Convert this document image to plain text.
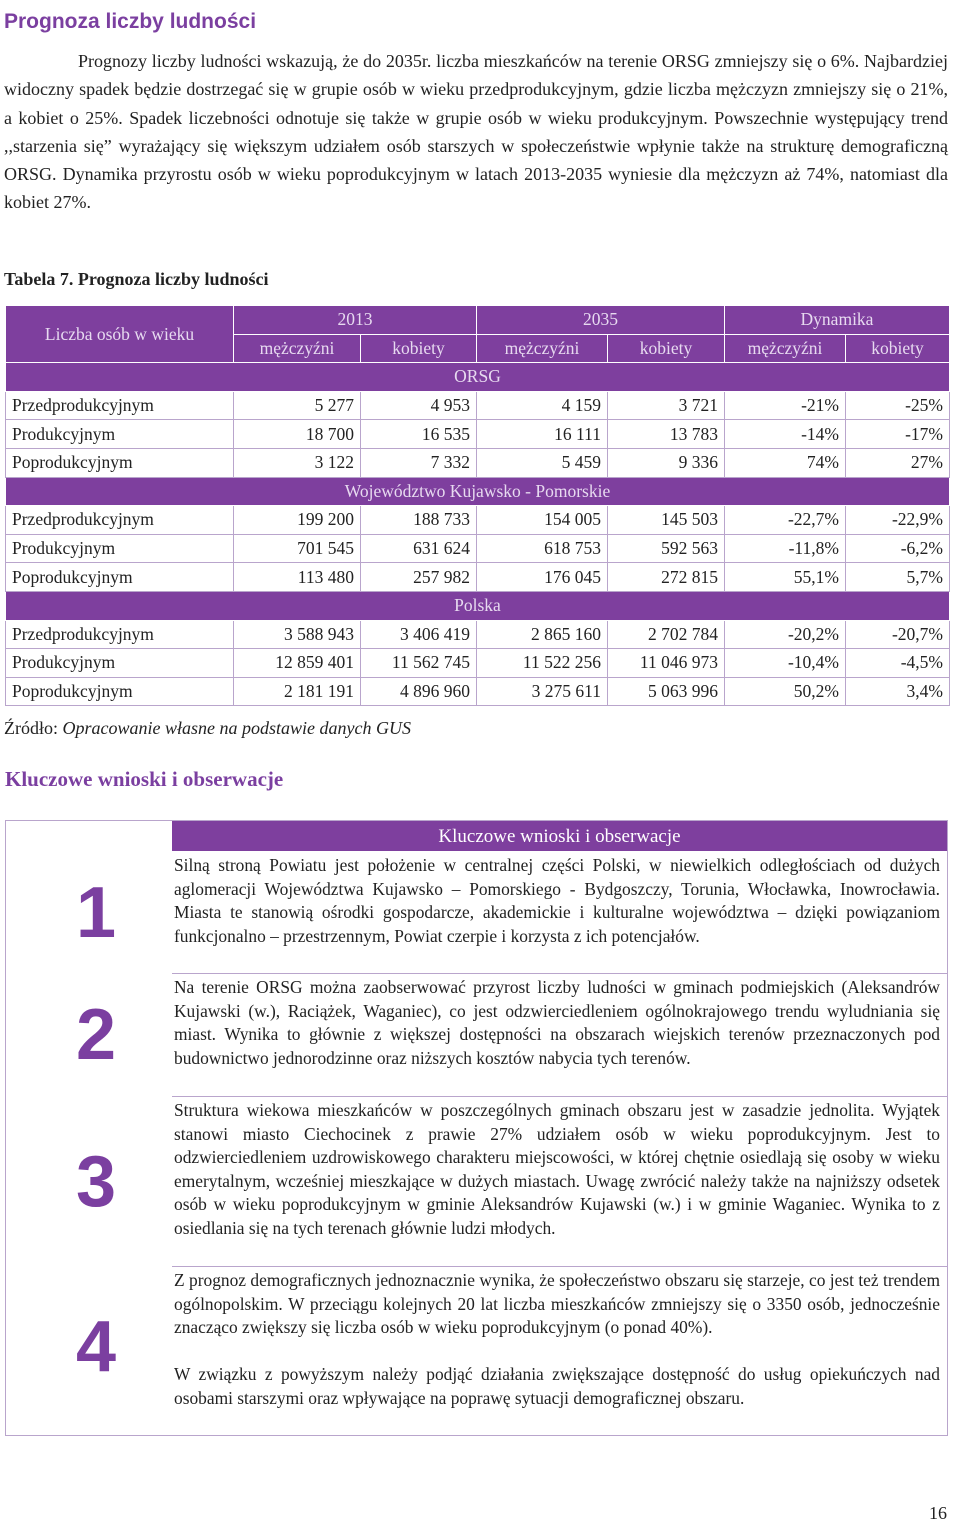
Prognoza liczby ludności

Prognozy liczby ludności wskazują, że do 2035r. liczba mieszkańców na terenie ORSG zmniejszy się o 6%. Najbardziej widoczny spadek będzie dostrzegać się w grupie osób w wieku przedprodukcyjnym, gdzie liczba mężczyzn zmniejszy się o 21%, a kobiet o 25%. Spadek liczebności odnotuje się także w grupie osób w wieku produkcyjnym. Powszechnie występujący trend ,,starzenia się” wyrażający się większym udziałem osób starszych w społeczeństwie wpłynie także na strukturę demograficzną ORSG. Dynamika przyrostu osób w wieku poprodukcyjnym w latach 2013-2035 wyniesie dla mężczyzn aż 74%, natomiast dla kobiet 27%.

Tabela 7. Prognoza liczby ludności

Liczba osób w wieku	2013		2035		Dynamika	
	mężczyźni	kobiety	mężczyźni	kobiety	mężczyźni	kobiety
ORSG						
Przedprodukcyjnym	5 277	4 953	4 159	3 721	-21%	-25%
Produkcyjnym	18 700	16 535	16 111	13 783	-14%	-17%
Poprodukcyjnym	3 122	7 332	5 459	9 336	74%	27%
Województwo Kujawsko - Pomorskie						
Przedprodukcyjnym	199 200	188 733	154 005	145 503	-22,7%	-22,9%
Produkcyjnym	701 545	631 624	618 753	592 563	-11,8%	-6,2%
Poprodukcyjnym	113 480	257 982	176 045	272 815	55,1%	5,7%
Polska						
Przedprodukcyjnym	3 588 943	3 406 419	2 865 160	2 702 784	-20,2%	-20,7%
Produkcyjnym	12 859 401	11 562 745	11 522 256	11 046 973	-10,4%	-4,5%
Poprodukcyjnym	2 181 191	4 896 960	3 275 611	5 063 996	50,2%	3,4%

Źródło: Opracowanie własne na podstawie danych GUS

Kluczowe wnioski i obserwacje
Kluczowe wnioski i obserwacje
1

Silną stroną Powiatu jest położenie w centralnej części Polski, w niewielkich odległościach od dużych aglomeracji Województwa Kujawsko – Pomorskiego - Bydgoszczy, Torunia, Włocławka, Inowrocławia. Miasta te stanowią ośrodki gospodarcze, akademickie i kulturalne województwa – dzięki powiązaniom funkcjonalno – przestrzennym, Powiat czerpie i korzysta z ich potencjałów.

2

Na terenie ORSG można zaobserwować przyrost liczby ludności w gminach podmiejskich (Aleksandrów Kujawski (w.), Raciążek, Waganiec), co jest odzwierciedleniem ogólnokrajowego trendu wyludniania się miast. Wynika to głównie z większej dostępności na obszarach wiejskich terenów przeznaczonych pod budownictwo jednorodzinne oraz niższych kosztów nabycia tych terenów.

3

Struktura wiekowa mieszkańców w poszczególnych gminach obszaru jest w zasadzie jednolita. Wyjątek stanowi miasto Ciechocinek z prawie 27% udziałem osób w wieku poprodukcyjnym. Jest to odzwierciedleniem uzdrowiskowego charakteru miejscowości, w której chętnie osiedlają się osoby w wieku emerytalnym, wcześniej mieszkające w dużych miastach. Uwagę zwrócić należy także na najniższy odsetek osób w wieku poprodukcyjnym w gminie Aleksandrów Kujawski (w.) i w gminie Waganiec. Wynika to z osiedlania się na tych terenach głównie ludzi młodych.

4

Z prognoz demograficznych jednoznacznie wynika, że społeczeństwo obszaru się starzeje, co jest też trendem ogólnopolskim. W przeciągu kolejnych 20 lat liczba mieszkańców zmniejszy się o 3350 osób, jednocześnie znacząco zwiększy się liczba osób w wieku poprodukcyjnym (o ponad 40%).

W związku z powyższym należy podjąć działania zwiększające dostępność do usług opiekuńczych nad osobami starszymi oraz wpływające na poprawę sytuacji demograficznej obszaru.

16
